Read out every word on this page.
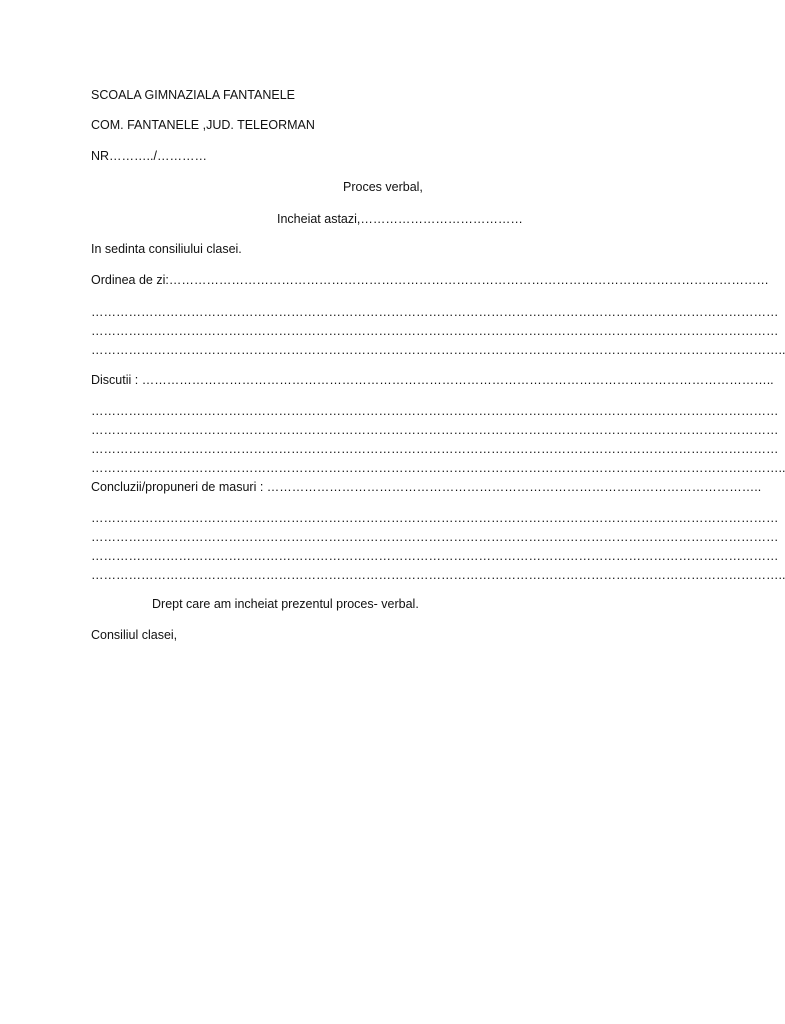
SCOALA GIMNAZIALA FANTANELE
COM. FANTANELE ,JUD. TELEORMAN
NR………../…………
Proces verbal,
Incheiat astazi,…………………………………
In sedinta consiliului clasei.
Ordinea de zi:………………………………………………………………………………………………………………………………
…………………………………………………………………………………………………………………………………………………
…………………………………………………………………………………………………………………………………………………
…………………………………………………………………………………………………………………………………………………..
Discutii : ……………………………………………………………………………………………………………………………………..
…………………………………………………………………………………………………………………………………………………
…………………………………………………………………………………………………………………………………………………
…………………………………………………………………………………………………………………………………………………
…………………………………………………………………………………………………………………………………………………..
Concluzii/propuneri de masuri : ………………………………………………………………………………………………………..
…………………………………………………………………………………………………………………………………………………
…………………………………………………………………………………………………………………………………………………
…………………………………………………………………………………………………………………………………………………
…………………………………………………………………………………………………………………………………………………..
Drept care am incheiat prezentul proces- verbal.
Consiliul clasei,
